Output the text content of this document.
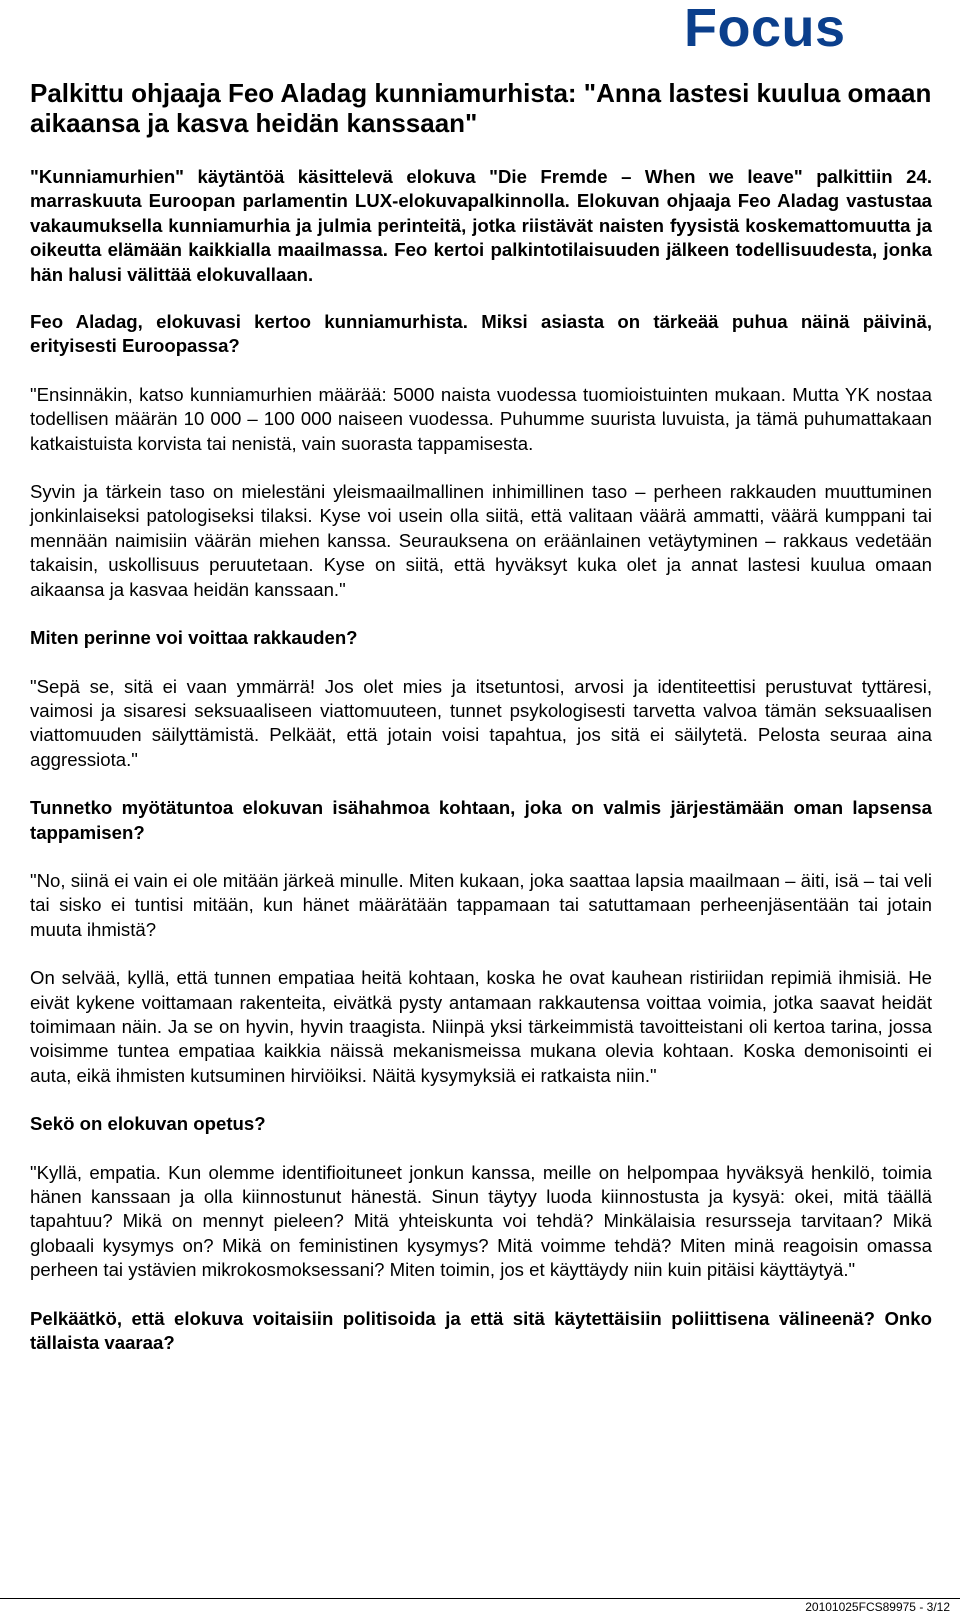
Focus
Palkittu ohjaaja Feo Aladag kunniamurhista: "Anna lastesi kuulua omaan aikaansa ja kasva heidän kanssaan"

"Kunniamurhien" käytäntöä käsittelevä elokuva "Die Fremde – When we leave" palkittiin 24. marraskuuta Euroopan parlamentin LUX-elokuvapalkinnolla. Elokuvan ohjaaja Feo Aladag vastustaa vakaumuksella kunniamurhia ja julmia perinteitä, jotka riistävät naisten fyysistä koskemattomuutta ja oikeutta elämään kaikkialla maailmassa. Feo kertoi palkintotilaisuuden jälkeen todellisuudesta, jonka hän halusi välittää elokuvallaan.

Feo Aladag, elokuvasi kertoo kunniamurhista. Miksi asiasta on tärkeää puhua näinä päivinä, erityisesti Euroopassa?

"Ensinnäkin, katso kunniamurhien määrää: 5000 naista vuodessa tuomioistuinten mukaan. Mutta YK nostaa todellisen määrän 10 000 – 100 000 naiseen vuodessa. Puhumme suurista luvuista, ja tämä puhumattakaan katkaistuista korvista tai nenistä, vain suorasta tappamisesta.

Syvin ja tärkein taso on mielestäni yleismaailmallinen inhimillinen taso – perheen rakkauden muuttuminen jonkinlaiseksi patologiseksi tilaksi. Kyse voi usein olla siitä, että valitaan väärä ammatti, väärä kumppani tai mennään naimisiin väärän miehen kanssa. Seurauksena on eräänlainen vetäytyminen – rakkaus vedetään takaisin, uskollisuus peruutetaan. Kyse on siitä, että hyväksyt kuka olet ja annat lastesi kuulua omaan aikaansa ja kasvaa heidän kanssaan."

Miten perinne voi voittaa rakkauden?

"Sepä se, sitä ei vaan ymmärrä! Jos olet mies ja itsetuntosi, arvosi ja identiteettisi perustuvat tyttäresi, vaimosi ja sisaresi seksuaaliseen viattomuuteen, tunnet psykologisesti tarvetta valvoa tämän seksuaalisen viattomuuden säilyttämistä. Pelkäät, että jotain voisi tapahtua, jos sitä ei säilytetä. Pelosta seuraa aina aggressiota."

Tunnetko myötätuntoa elokuvan isähahmoa kohtaan, joka on valmis järjestämään oman lapsensa tappamisen?

"No, siinä ei vain ei ole mitään järkeä minulle. Miten kukaan, joka saattaa lapsia maailmaan – äiti, isä – tai veli tai sisko ei tuntisi mitään, kun hänet määrätään tappamaan tai satuttamaan perheenjäsentään tai jotain muuta ihmistä?

On selvää, kyllä, että tunnen empatiaa heitä kohtaan, koska he ovat kauhean ristiriidan repimiä ihmisiä. He eivät kykene voittamaan rakenteita, eivätkä pysty antamaan rakkautensa voittaa voimia, jotka saavat heidät toimimaan näin. Ja se on hyvin, hyvin traagista. Niinpä yksi tärkeimmistä tavoitteistani oli kertoa tarina, jossa voisimme tuntea empatiaa kaikkia näissä mekanismeissa mukana olevia kohtaan. Koska demonisointi ei auta, eikä ihmisten kutsuminen hirviöiksi. Näitä kysymyksiä ei ratkaista niin."

Sekö on elokuvan opetus?

"Kyllä, empatia. Kun olemme identifioituneet jonkun kanssa, meille on helpompaa hyväksyä henkilö, toimia hänen kanssaan ja olla kiinnostunut hänestä. Sinun täytyy luoda kiinnostusta ja kysyä: okei, mitä täällä tapahtuu? Mikä on mennyt pieleen? Mitä yhteiskunta voi tehdä? Minkälaisia resursseja tarvitaan? Mikä globaali kysymys on? Mikä on feministinen kysymys? Mitä voimme tehdä? Miten minä reagoisin omassa perheen tai ystävien mikrokosmoksessani? Miten toimin, jos et käyttäydy niin kuin pitäisi käyttäytyä."

Pelkäätkö, että elokuva voitaisiin politisoida ja että sitä käytettäisiin poliittisena välineenä? Onko tällaista vaaraa?

20101025FCS89975 - 3/12
